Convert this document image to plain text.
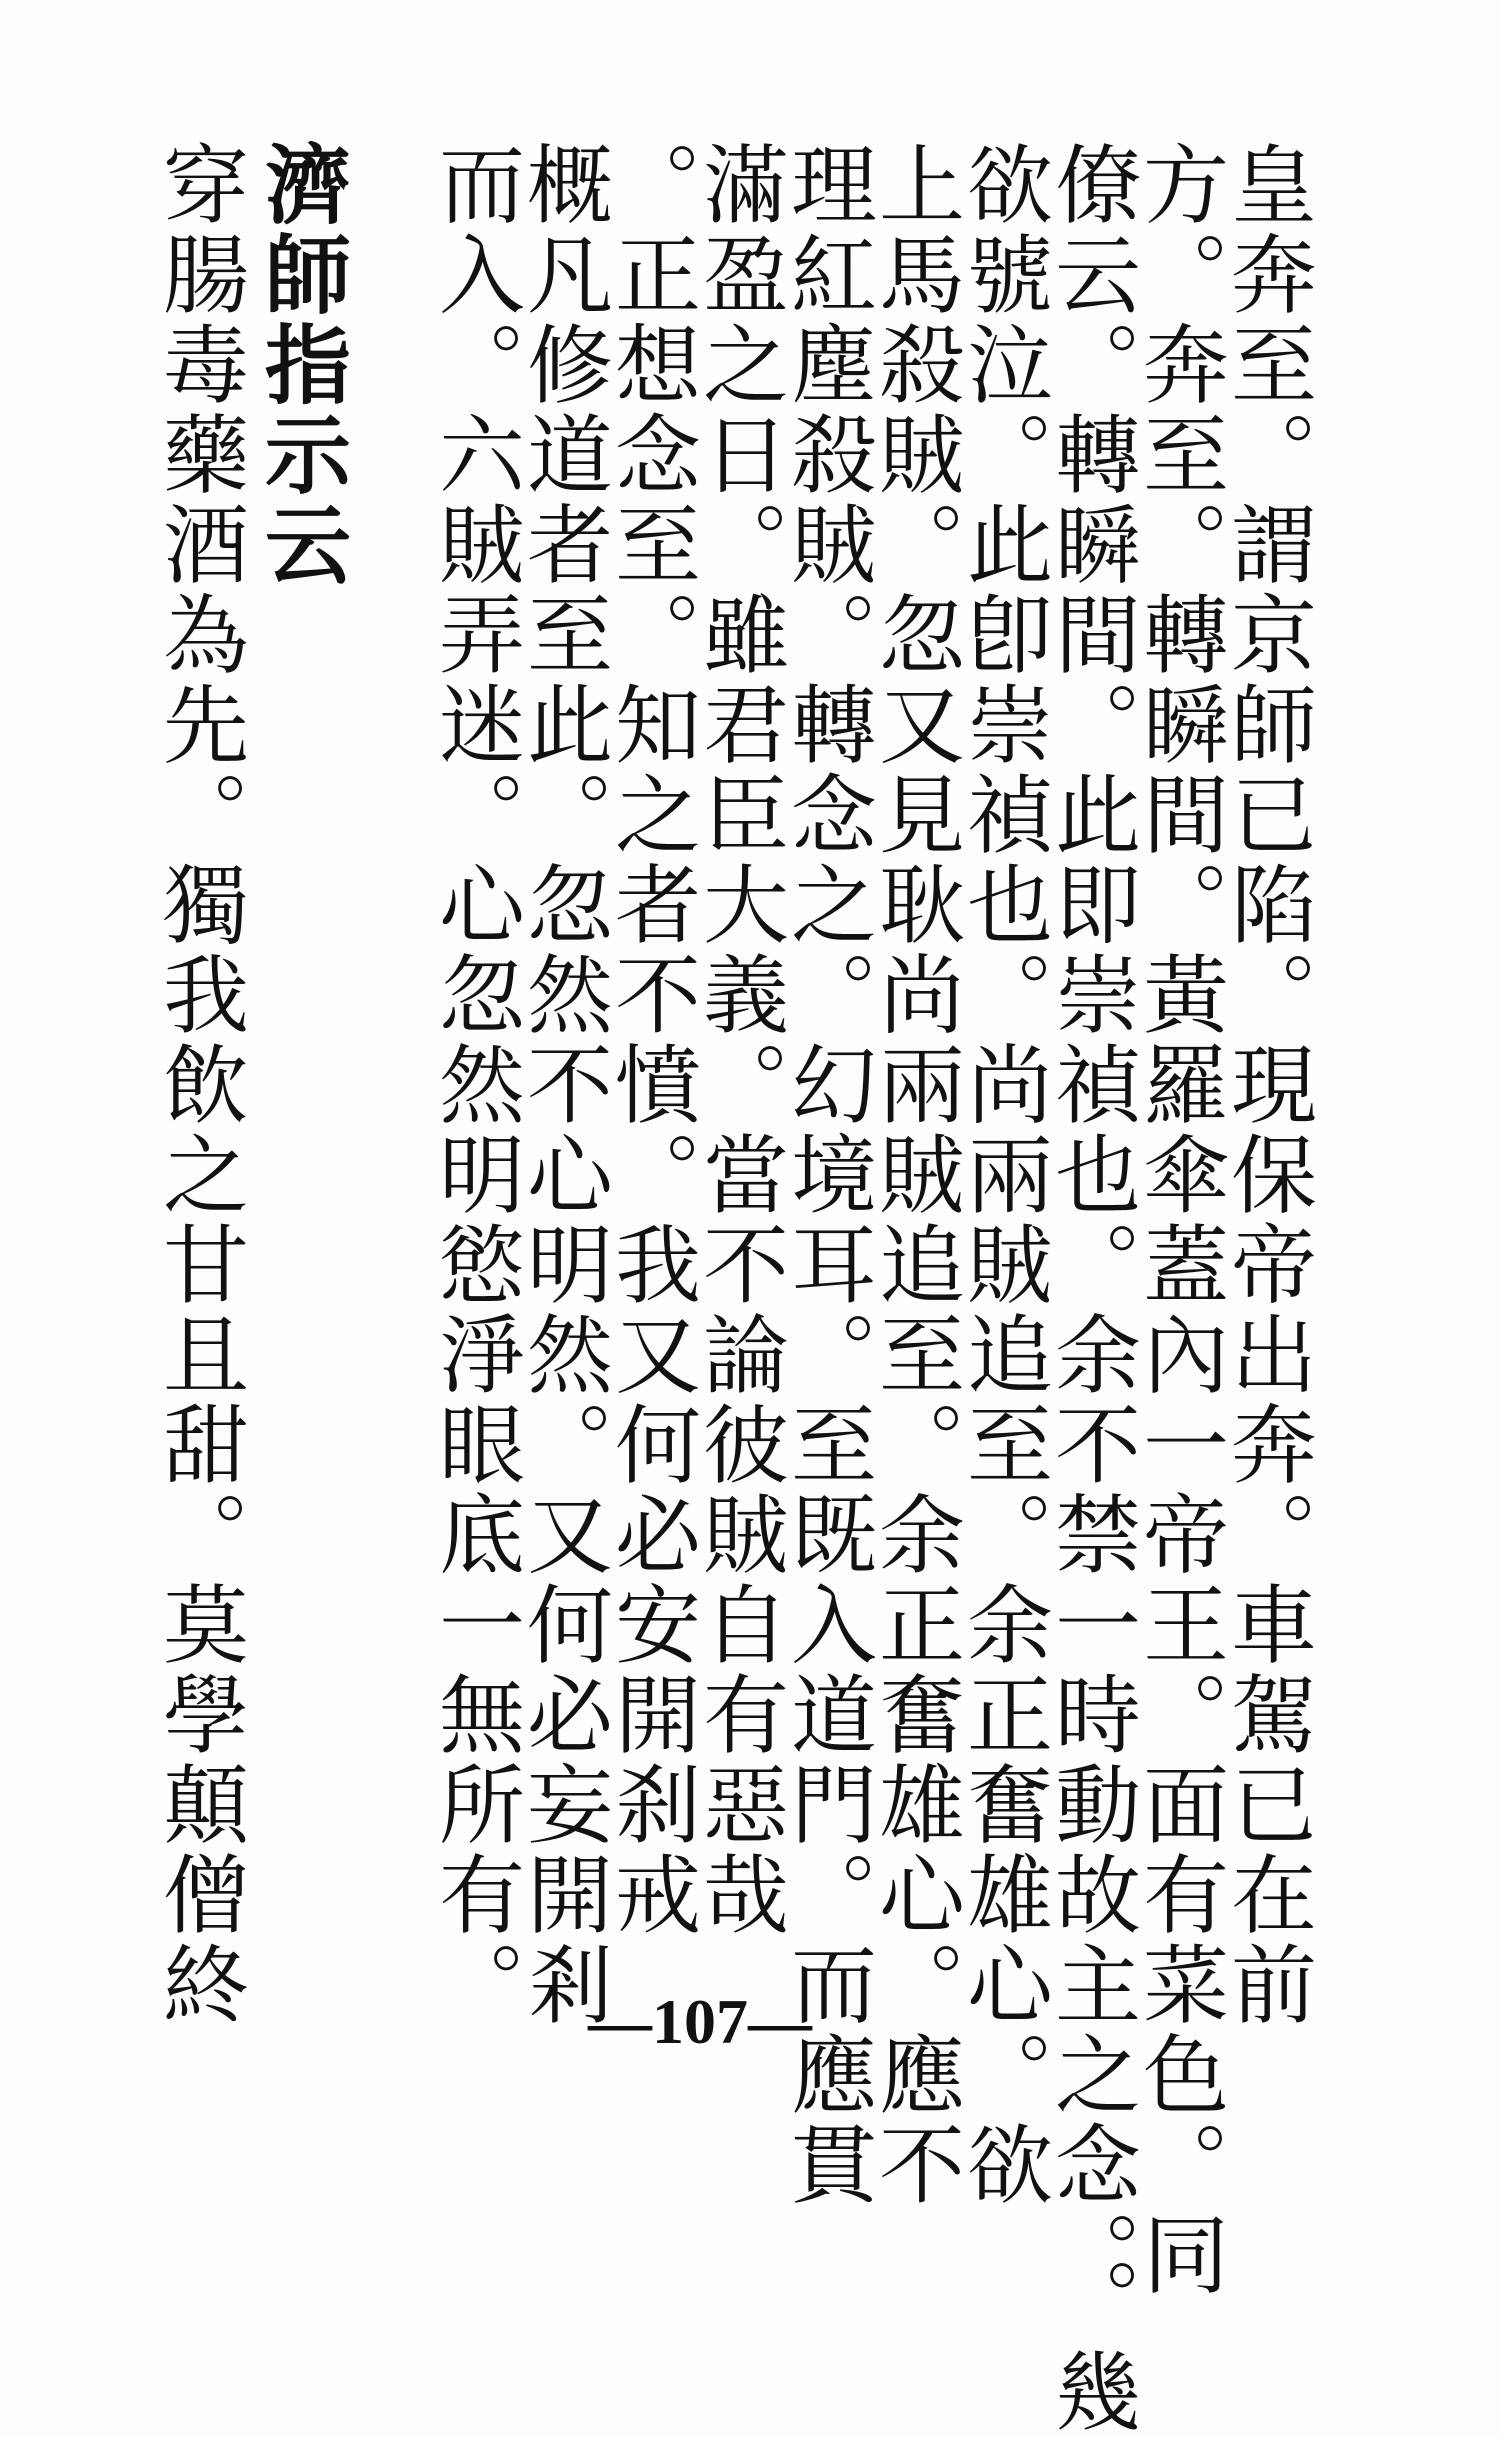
皇奔至。謂京師已陷。現保帝出奔。車駕已在前
方。奔至。轉瞬間。黃羅傘蓋內一帝王。面有菜色。同
僚云。轉瞬間。此即崇禎也。余不禁一時動故主之念。。幾
欲號泣。此卽崇禎也。尚兩賊追至。余正奮雄心。欲
上馬殺賊。忽又見耿尚兩賊追至。余正奮雄心。應不
理紅塵殺賊。轉念之。幻境耳。至既入道門。而應貫
滿盈之日。雖君臣大義。當不論彼賊自有惡哉
。正想念至。知之者不憤。我又何必安開刹戒
概凡修道者至此。忽然不心明然。又何必妄開剎
而入。六賊弄迷。心忽然明慾淨眼底一無所有。
濟師指示云
穿腸毒藥酒為先。獨我飲之甘且甜。莫學顛僧終	—107—
